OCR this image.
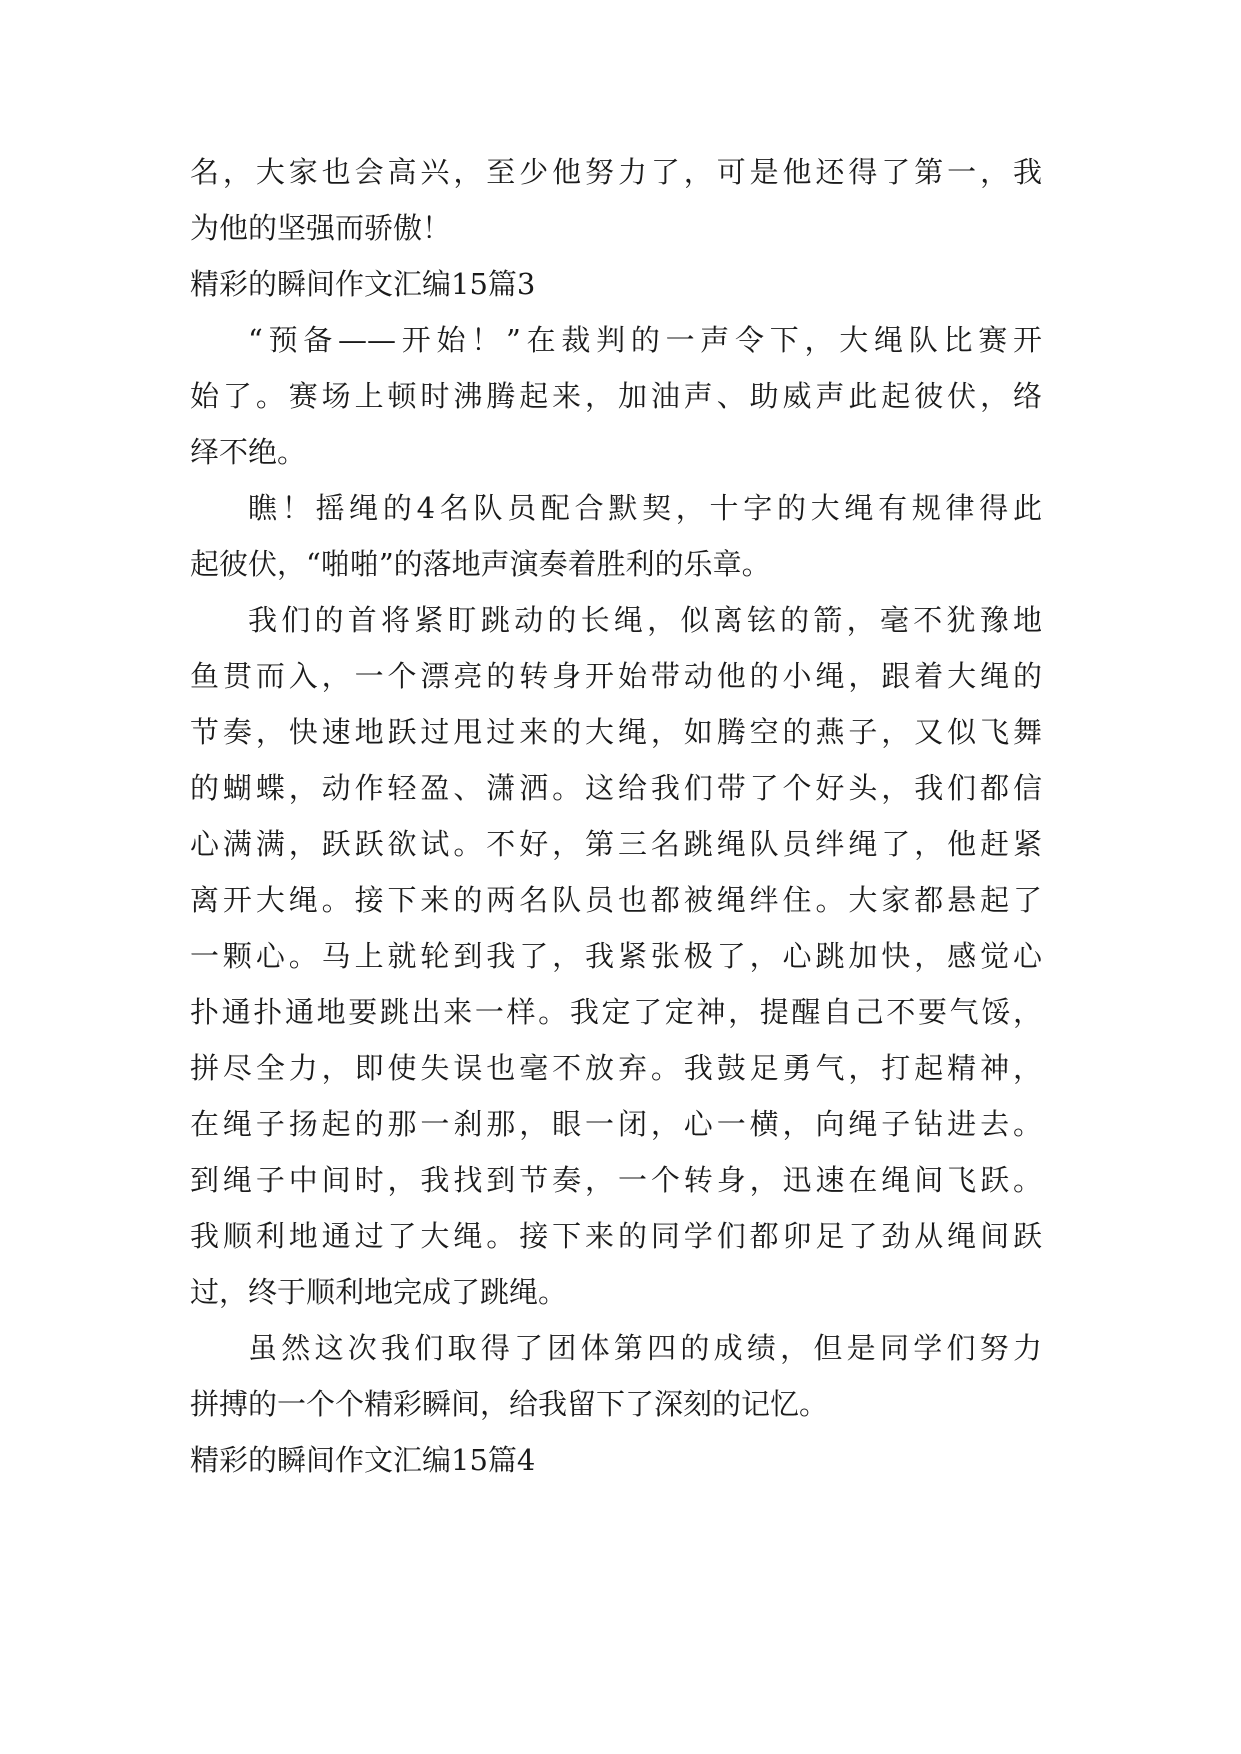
名，大家也会高兴，至少他努力了，可是他还得了第一，我
为他的坚强而骄傲！
精彩的瞬间作文汇编15篇3
“预备——开始！”在裁判的一声令下，大绳队比赛开
始了。赛场上顿时沸腾起来，加油声、助威声此起彼伏，络
绎不绝。
瞧！摇绳的4名队员配合默契，十字的大绳有规律得此
起彼伏，“啪啪”的落地声演奏着胜利的乐章。
我们的首将紧盯跳动的长绳，似离铉的箭，毫不犹豫地
鱼贯而入，一个漂亮的转身开始带动他的小绳，跟着大绳的
节奏，快速地跃过甩过来的大绳，如腾空的燕子，又似飞舞
的蝴蝶，动作轻盈、潇洒。这给我们带了个好头，我们都信
心满满，跃跃欲试。不好，第三名跳绳队员绊绳了，他赶紧
离开大绳。接下来的两名队员也都被绳绊住。大家都悬起了
一颗心。马上就轮到我了，我紧张极了，心跳加快，感觉心
扑通扑通地要跳出来一样。我定了定神，提醒自己不要气馁，
拼尽全力，即使失误也毫不放弃。我鼓足勇气，打起精神，
在绳子扬起的那一刹那，眼一闭，心一横，向绳子钻进去。
到绳子中间时，我找到节奏，一个转身，迅速在绳间飞跃。
我顺利地通过了大绳。接下来的同学们都卯足了劲从绳间跃
过，终于顺利地完成了跳绳。
虽然这次我们取得了团体第四的成绩，但是同学们努力
拼搏的一个个精彩瞬间，给我留下了深刻的记忆。
精彩的瞬间作文汇编15篇4
